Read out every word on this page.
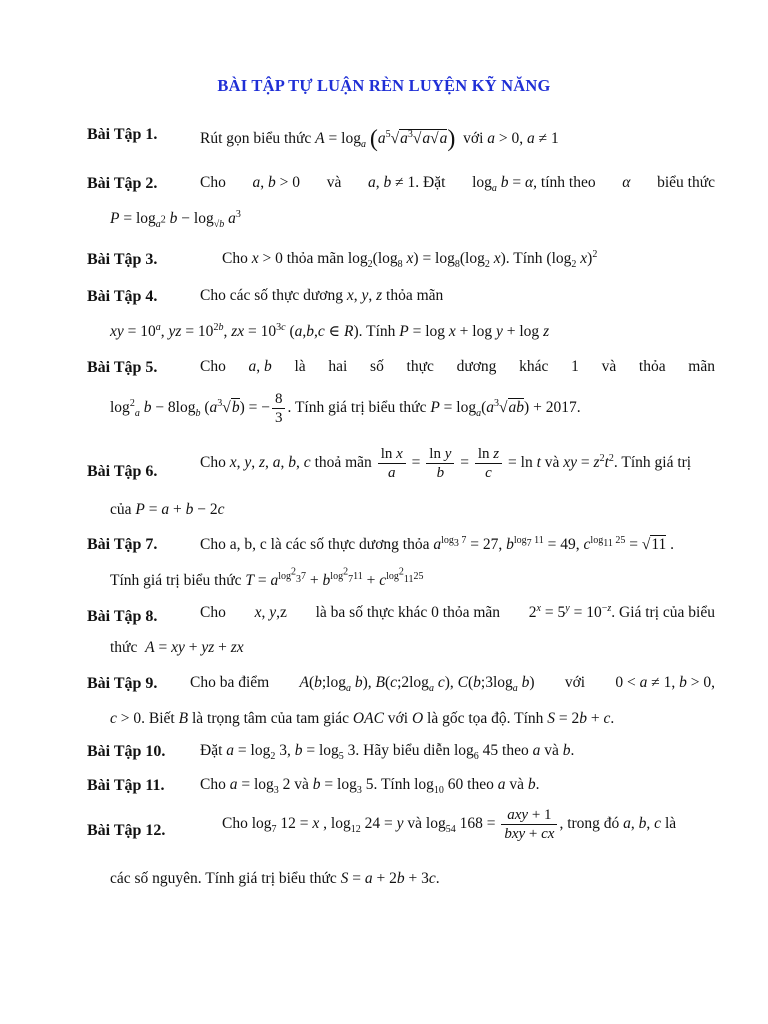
BÀI TẬP TỰ LUẬN RÈN LUYỆN KỸ NĂNG
Bài Tập 1.	Rút gọn biểu thức $A = \log_a (a^5√a^3√a√a)$ với a > 0, a ≠ 1
Bài Tập 2.	Cho a, b > 0 và a, b ≠ 1. Đặt $\log_a b = \alpha$, tính theo α biểu thức
$P = \log_{a^2} b - \log_{√b} a^3$
Bài Tập 3.	Cho x > 0 thỏa mãn $\log_2(\log_8$ $x) = \log_8(\log_2$ x). Tính ($\log_2$ x)$^2$
Bài Tập 4.	Cho các số thực dương x, y, z thỏa mãn
xy = $10^a$, yz = $10^{2b}$, zx = $10^{3c}$ (a,b,c ∈ R). Tính P = log x + log y + log z
Bài Tập 5.	Cho a, b là hai số thực dương khác 1 và thỏa mãn
$\log^2_a b - 8\log_b$ $(a^3√b)$ = − $\frac{8}{3}$ . Tính giá trị biểu thức $P = \log_a(a^3√ab) + 2017$.
Bài Tập 6.
Cho x, y, z, a, b, c thoả mãn $\frac{\text{ln x}}{a} = \frac{\text{ln y}}{b} = \frac{\text{ln z}}{c} = \ln t$ và xy = $z^2t^2$. Tính giá trị
của P = a + b − 2c
Bài Tập 7.	Cho a, b, c là các số thực dương thỏa $a^{log_3 7} = 27$, $b^{log_7 11} = 49$, $c^{log_{11} 25} = √11$ .
Tính giá trị biểu thức $T = a^{log^2_37} + b^{log^2_711} + c^{log^2_{11}25}$
Bài Tập 8.	Cho x, y,z là ba số thực khác 0 thỏa mãn $2^x = 5^y = 10^{-z}$. Giá trị của biểu
thức A = xy + yz + zx
Bài Tập 9. Cho ba điểm $A(b;\log_a$ b), $B(c;2\log_a$ c), $C(b;3\log_a$ b) với 0 < a ≠ 1, b > 0,
c > 0. Biết B là trọng tâm của tam giác OAC với O là gốc tọa độ. Tính S = 2b + c.
Bài Tập 10. Đặt $a = \log_2 3$, $b = \log_5 3$. Hãy biểu diễn $\log_6 45$ theo a và b.
Bài Tập 11. Cho $a = \log_3 2$ và $b = \log_3 5$. Tính $\log_{10} 60$ theo a và b.
Bài Tập 12.	Cho $\log_7 12 = x$ , $\log_{12} 24 = y$ và $\log_{54} 168 = \frac{\text{axy + 1}}{\text{bxy + cx}}$ , trong đó a, b, c là
các số nguyên. Tính giá trị biểu thức S = a + 2b + 3c.
